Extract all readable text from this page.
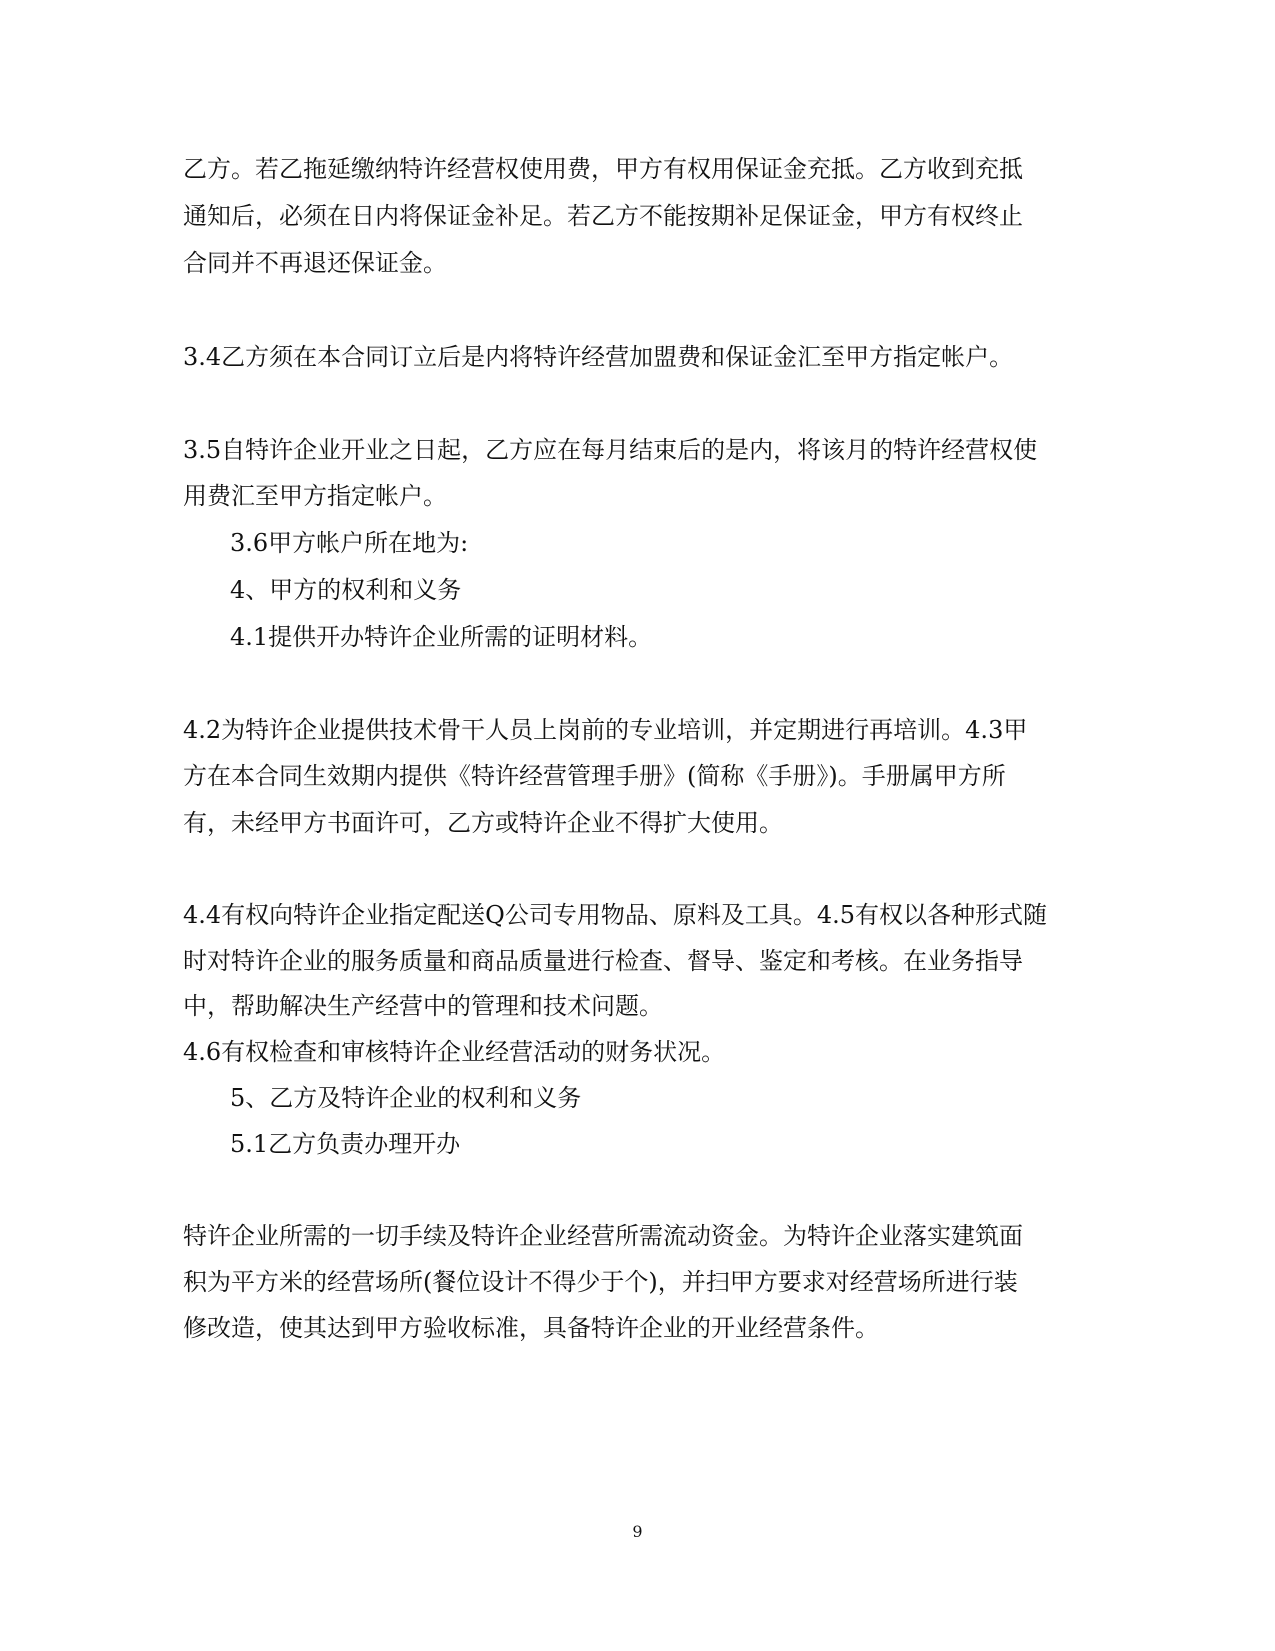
乙方。若乙拖延缴纳特许经营权使用费，甲方有权用保证金充抵。乙方收到充抵
通知后，必须在日内将保证金补足。若乙方不能按期补足保证金，甲方有权终止
合同并不再退还保证金。
3.4乙方须在本合同订立后是内将特许经营加盟费和保证金汇至甲方指定帐户。
3.5自特许企业开业之日起，乙方应在每月结束后的是内，将该月的特许经营权使
用费汇至甲方指定帐户。
3.6甲方帐户所在地为:
4、甲方的权利和义务
4.1提供开办特许企业所需的证明材料。
4.2为特许企业提供技术骨干人员上岗前的专业培训，并定期进行再培训。4.3甲
方在本合同生效期内提供《特许经营管理手册》(简称《手册》)。手册属甲方所
有，未经甲方书面许可，乙方或特许企业不得扩大使用。
4.4有权向特许企业指定配送Q公司专用物品、原料及工具。4.5有权以各种形式随
时对特许企业的服务质量和商品质量进行检查、督导、鉴定和考核。在业务指导
中，帮助解决生产经营中的管理和技术问题。
4.6有权检查和审核特许企业经营活动的财务状况。
5、乙方及特许企业的权利和义务
5.1乙方负责办理开办
特许企业所需的一切手续及特许企业经营所需流动资金。为特许企业落实建筑面
积为平方米的经营场所(餐位设计不得少于个)，并扫甲方要求对经营场所进行装
修改造，使其达到甲方验收标准，具备特许企业的开业经营条件。
9
